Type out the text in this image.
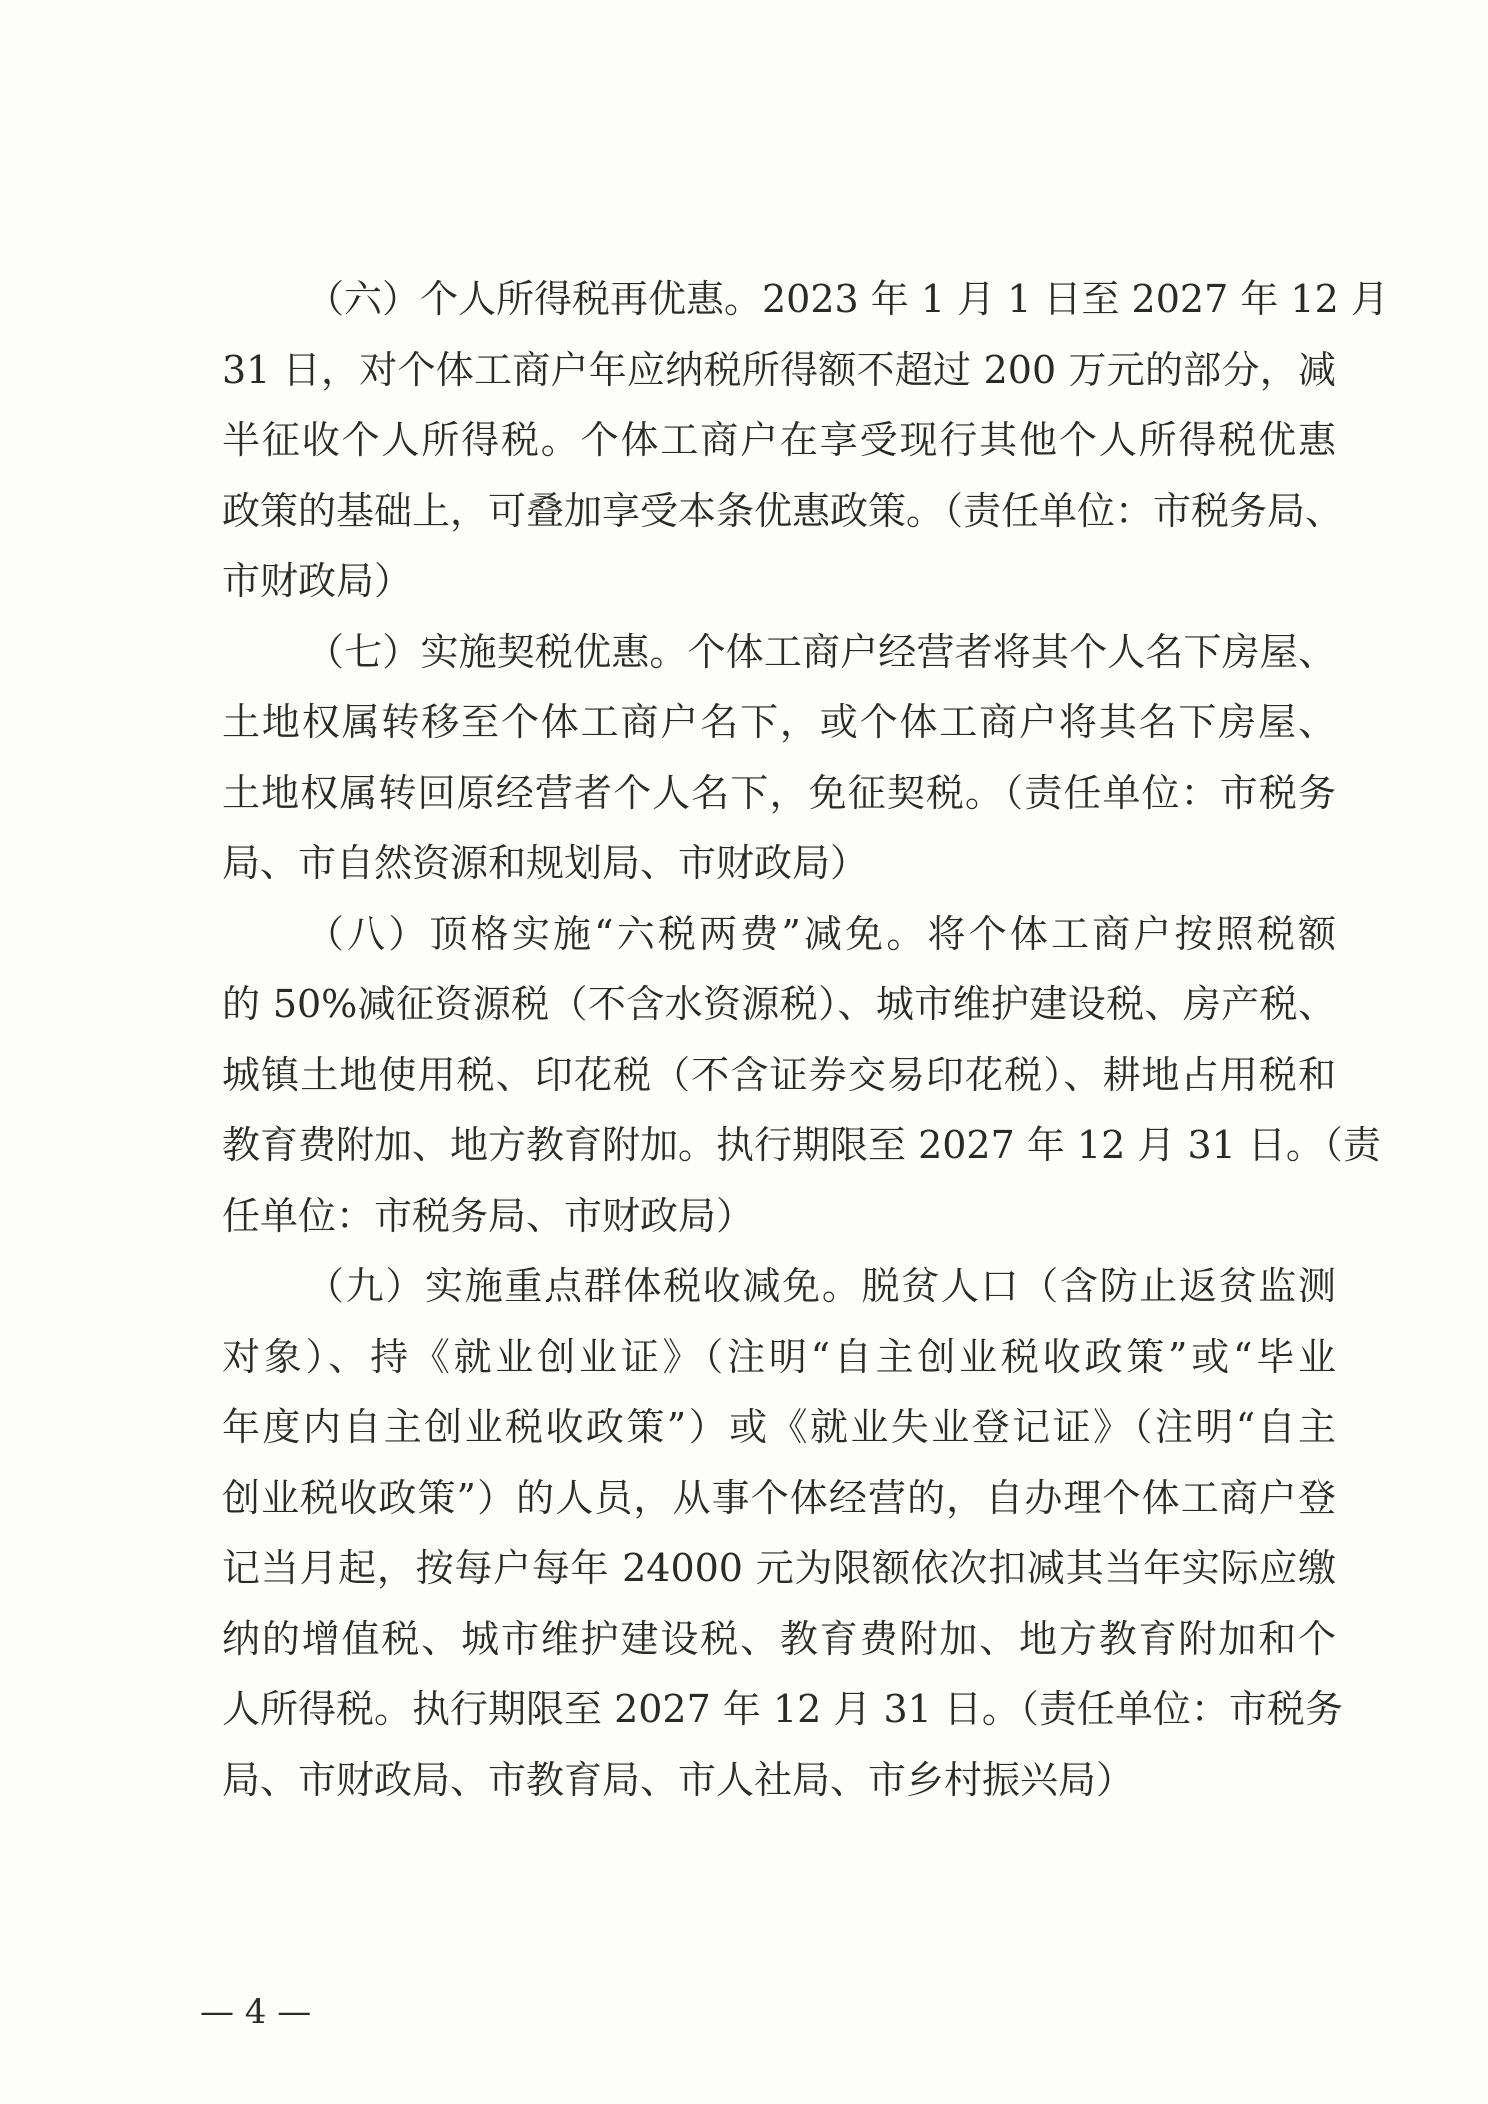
（六）个人所得税再优惠。2023 年 1 月 1 日至 2027 年 12 月
31 日，对个体工商户年应纳税所得额不超过 200 万元的部分，减
半征收个人所得税。个体工商户在享受现行其他个人所得税优惠
政策的基础上，可叠加享受本条优惠政策。（责任单位：市税务局、
市财政局）
（七）实施契税优惠。个体工商户经营者将其个人名下房屋、
土地权属转移至个体工商户名下，或个体工商户将其名下房屋、
土地权属转回原经营者个人名下，免征契税。（责任单位：市税务
局、市自然资源和规划局、市财政局）
（八）顶格实施“六税两费”减免。将个体工商户按照税额
的 50%减征资源税（不含水资源税）、城市维护建设税、房产税、
城镇土地使用税、印花税（不含证券交易印花税）、耕地占用税和
教育费附加、地方教育附加。执行期限至 2027 年 12 月 31 日。（责
任单位：市税务局、市财政局）
（九）实施重点群体税收减免。脱贫人口（含防止返贫监测
对象）、持《就业创业证》（注明“自主创业税收政策”或“毕业
年度内自主创业税收政策”）或《就业失业登记证》（注明“自主
创业税收政策”）的人员，从事个体经营的，自办理个体工商户登
记当月起，按每户每年 24000 元为限额依次扣减其当年实际应缴
纳的增值税、城市维护建设税、教育费附加、地方教育附加和个
人所得税。执行期限至 2027 年 12 月 31 日。（责任单位：市税务
局、市财政局、市教育局、市人社局、市乡村振兴局）
— 4 —
